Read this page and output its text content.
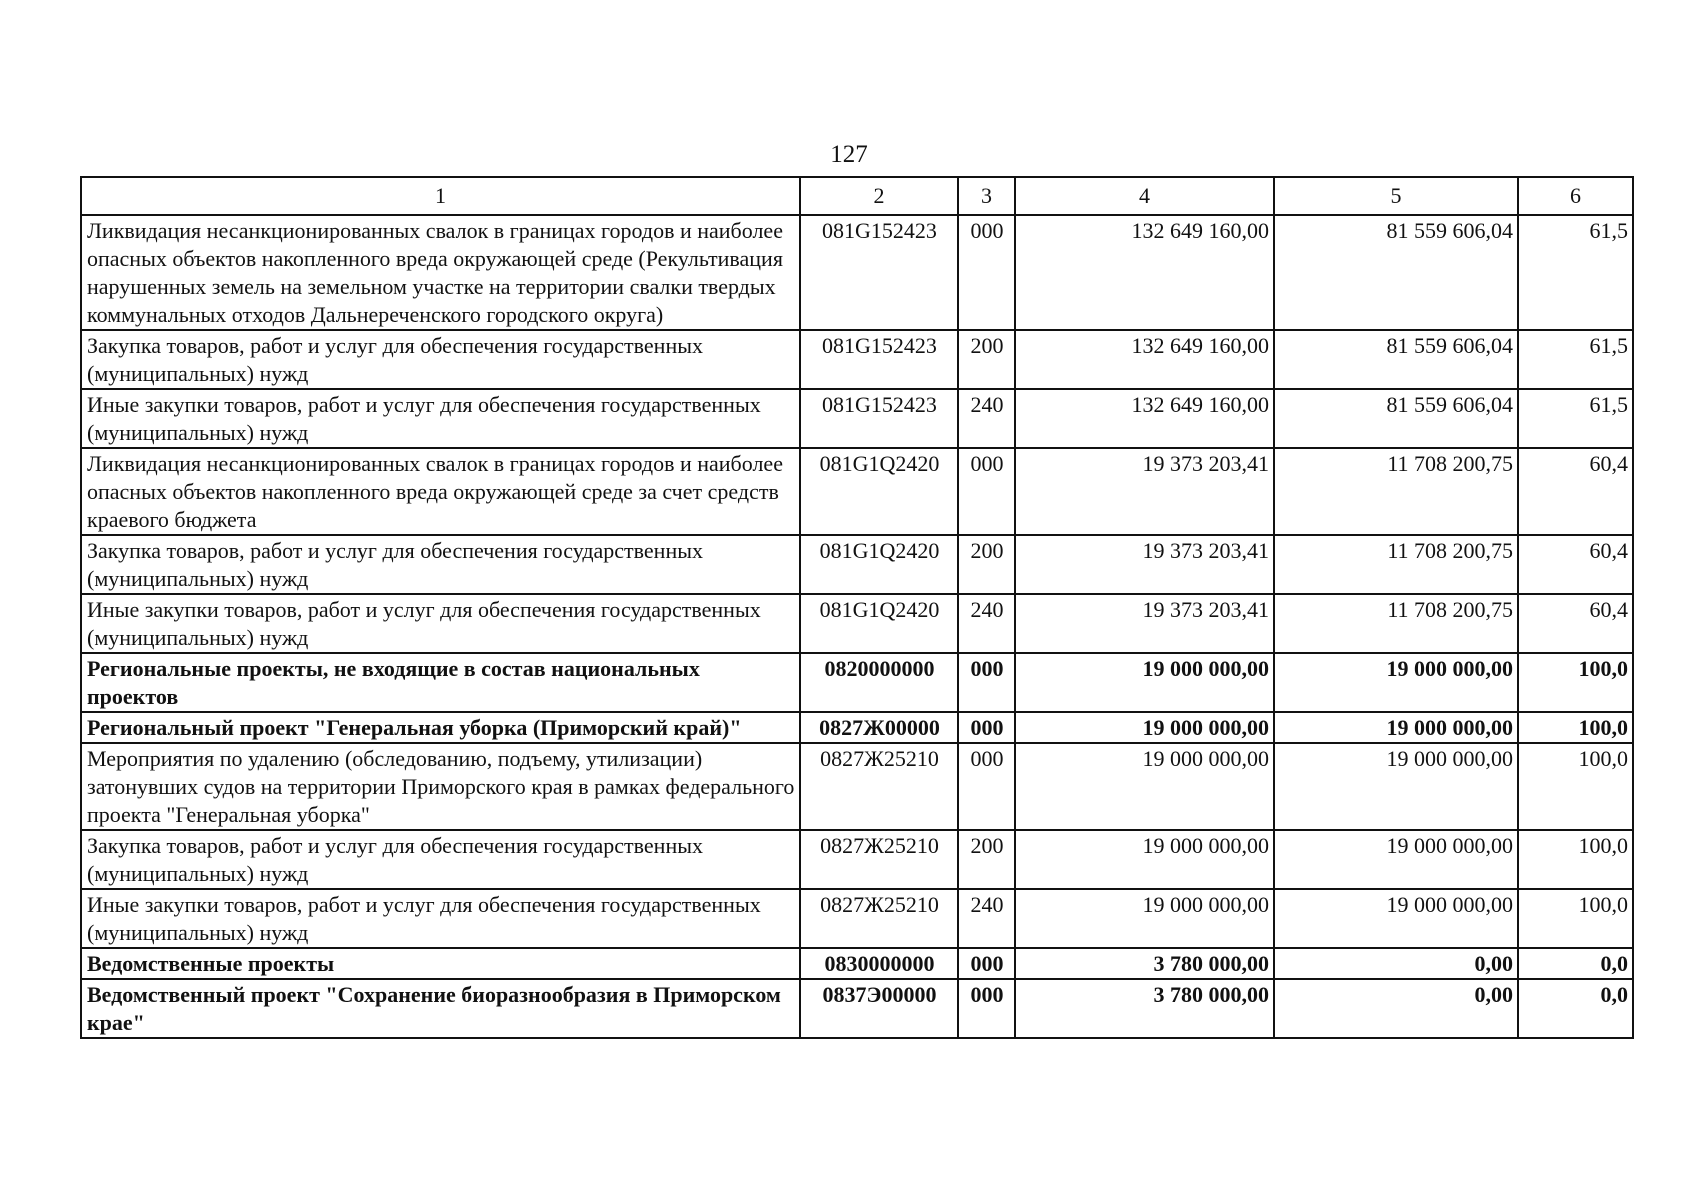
127
1	2	3	4	5	6
Ликвидация несанкционированных свалок в границах городов и наиболее опасных объектов накопленного вреда окружающей среде (Рекультивация нарушенных земель на земельном участке на территории свалки твердых коммунальных отходов Дальнереченского городского округа)	081G152423	000	132 649 160,00	81 559 606,04	61,5
Закупка товаров, работ и услуг для обеспечения государственных (муниципальных) нужд	081G152423	200	132 649 160,00	81 559 606,04	61,5
Иные закупки товаров, работ и услуг для обеспечения государственных (муниципальных) нужд	081G152423	240	132 649 160,00	81 559 606,04	61,5
Ликвидация несанкционированных свалок в границах городов и наиболее опасных объектов накопленного вреда окружающей среде за счет средств краевого бюджета	081G1Q2420	000	19 373 203,41	11 708 200,75	60,4
Закупка товаров, работ и услуг для обеспечения государственных (муниципальных) нужд	081G1Q2420	200	19 373 203,41	11 708 200,75	60,4
Иные закупки товаров, работ и услуг для обеспечения государственных (муниципальных) нужд	081G1Q2420	240	19 373 203,41	11 708 200,75	60,4
Региональные проекты, не входящие в состав национальных проектов	0820000000	000	19 000 000,00	19 000 000,00	100,0
Региональный проект "Генеральная уборка (Приморский край)"	0827Ж00000	000	19 000 000,00	19 000 000,00	100,0
Мероприятия по удалению (обследованию, подъему, утилизации) затонувших судов на территории Приморского края в рамках федерального проекта "Генеральная уборка"	0827Ж25210	000	19 000 000,00	19 000 000,00	100,0
Закупка товаров, работ и услуг для обеспечения государственных (муниципальных) нужд	0827Ж25210	200	19 000 000,00	19 000 000,00	100,0
Иные закупки товаров, работ и услуг для обеспечения государственных (муниципальных) нужд	0827Ж25210	240	19 000 000,00	19 000 000,00	100,0
Ведомственные проекты	0830000000	000	3 780 000,00	0,00	0,0
Ведомственный проект "Сохранение биоразнообразия в Приморском крае"	0837Э00000	000	3 780 000,00	0,00	0,0
